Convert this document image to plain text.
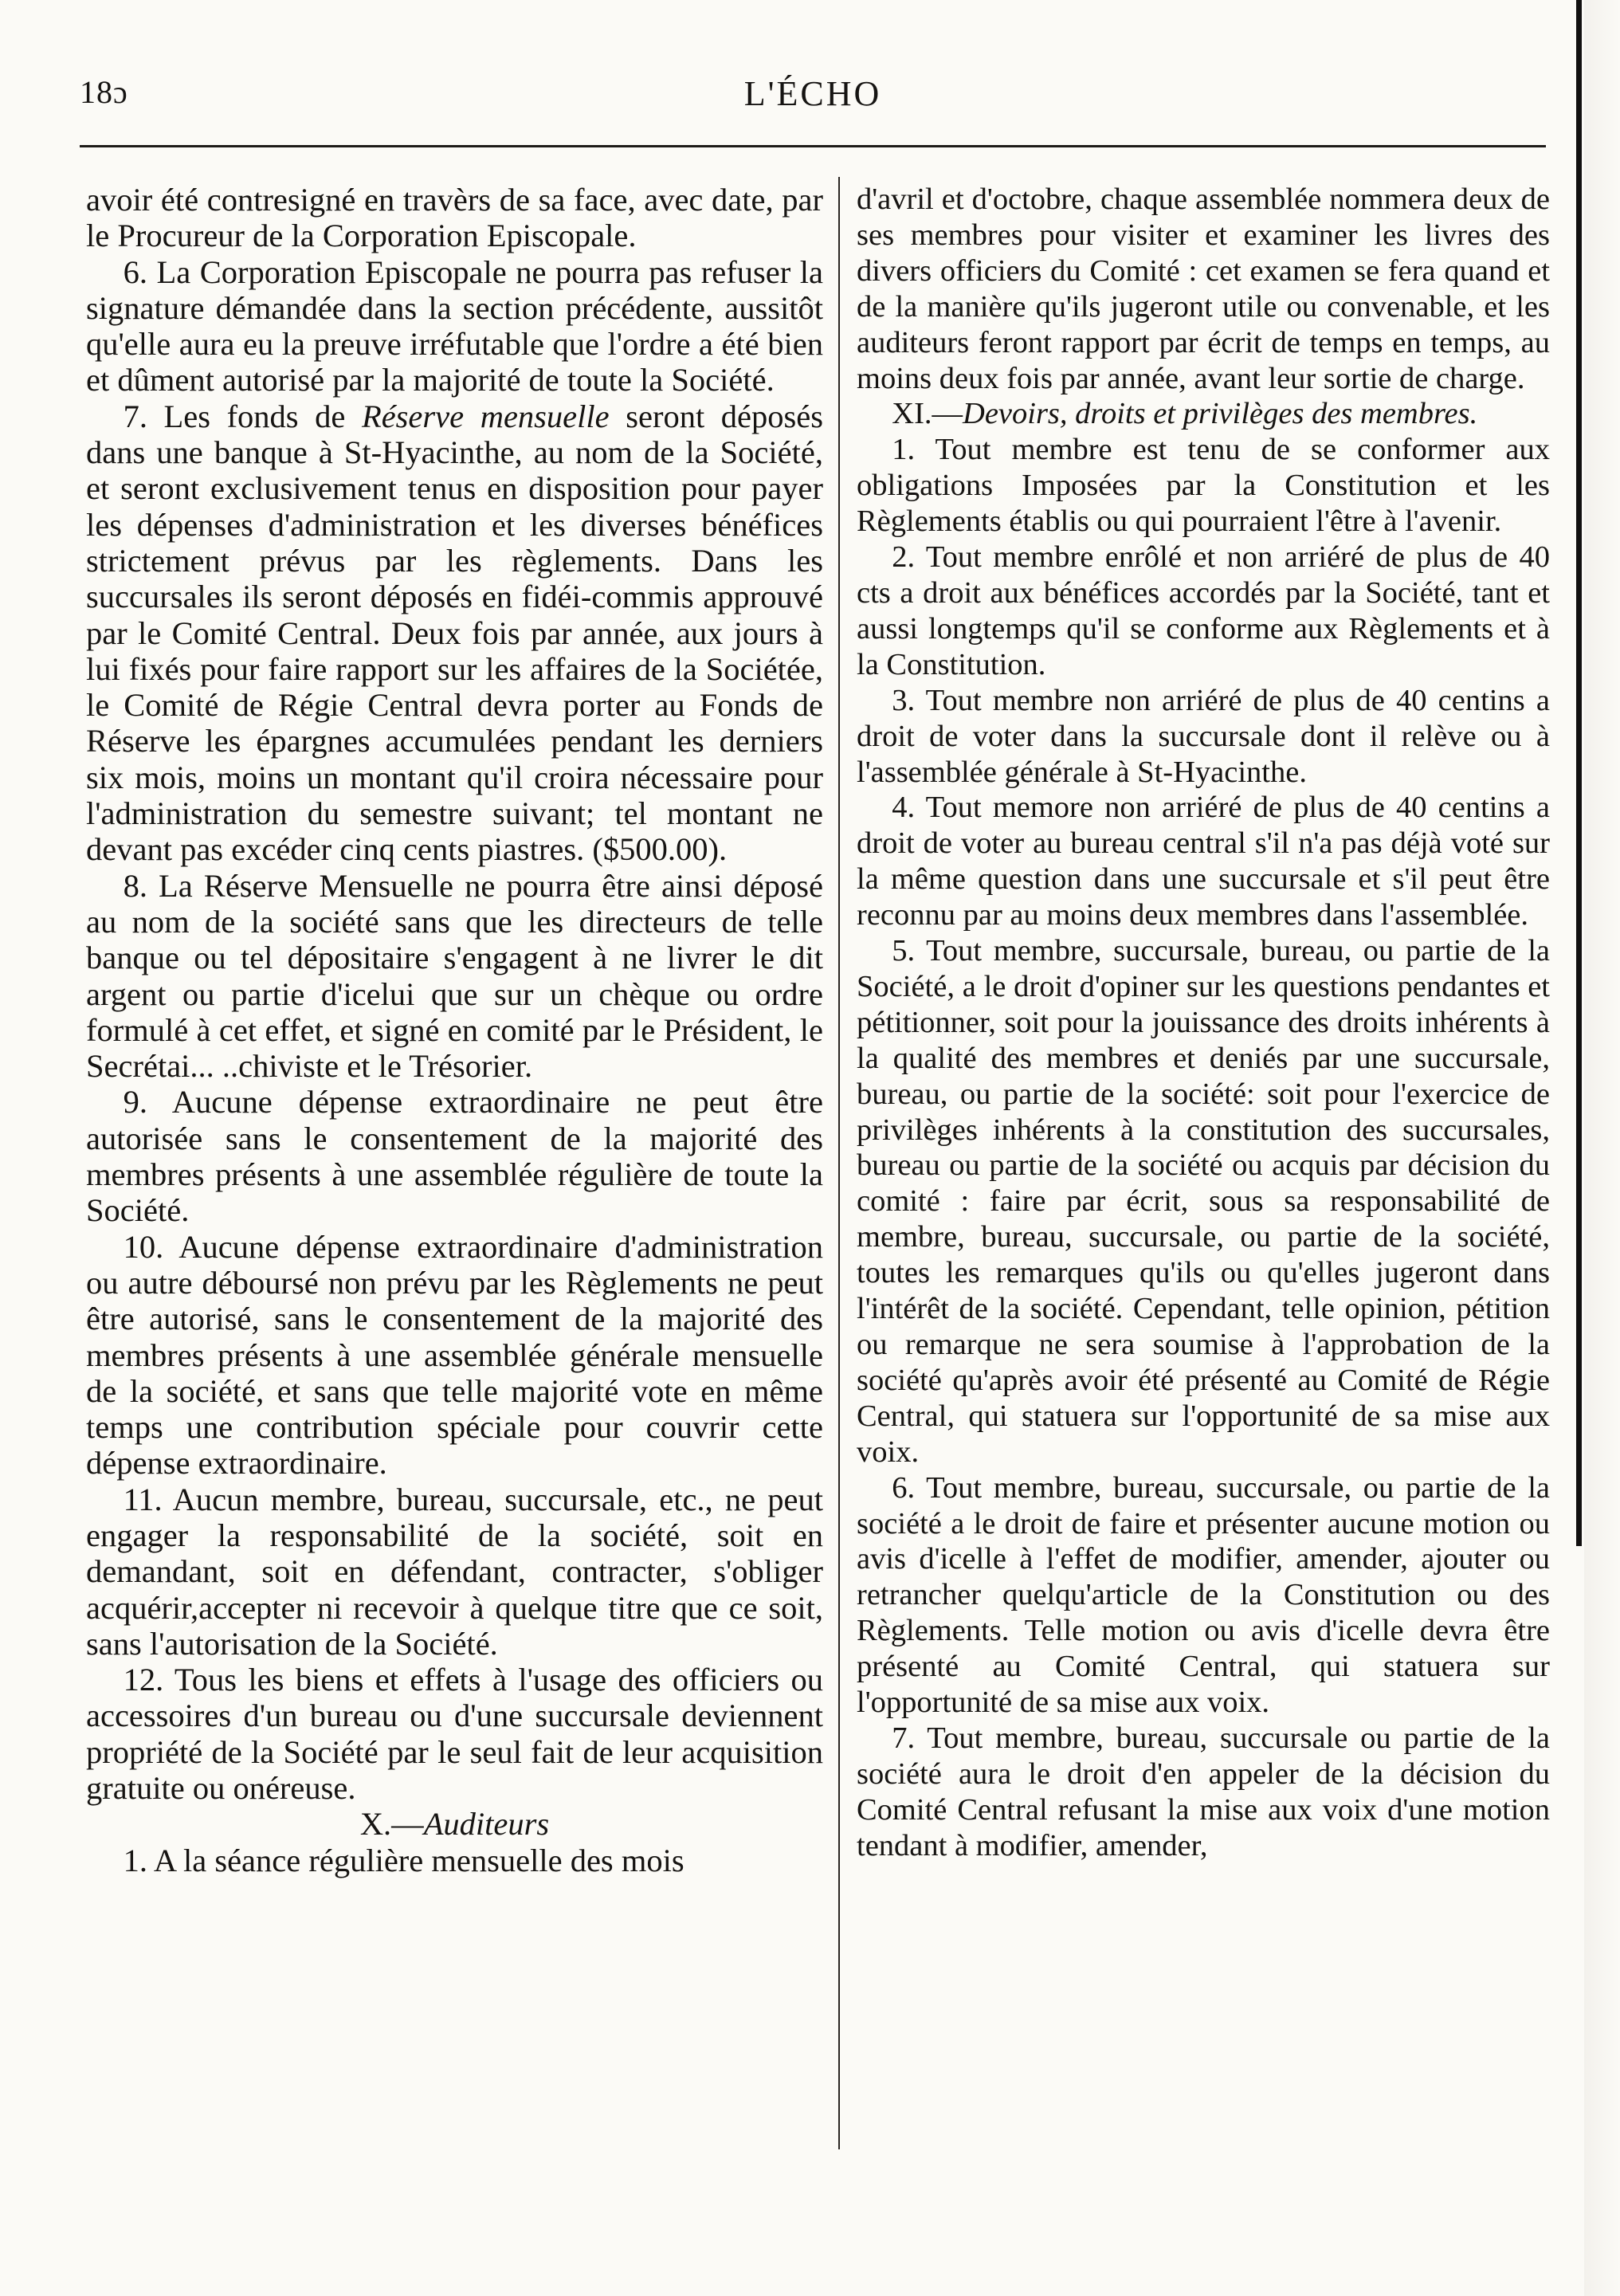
18ɔ	L'ÉCHO

avoir été contresigné en travèrs de sa face, avec date, par le Procureur de la Corporation Episcopale.

6. La Corporation Episcopale ne pourra pas refuser la signature démandée dans la section précédente, aussitôt qu'elle aura eu la preuve irréfutable que l'ordre a été bien et dûment autorisé par la majorité de toute la Société.

7. Les fonds de Réserve mensuelle seront déposés dans une banque à St-Hyacinthe, au nom de la Société, et seront exclusivement tenus en disposition pour payer les dépenses d'administration et les diverses bénéfices strictement prévus par les règlements. Dans les succursales ils seront déposés en fidéi-commis approuvé par le Comité Central. Deux fois par année, aux jours à lui fixés pour faire rapport sur les affaires de la Sociétée, le Comité de Régie Central devra porter au Fonds de Réserve les épargnes accumulées pendant les derniers six mois, moins un montant qu'il croira nécessaire pour l'administration du semestre suivant; tel montant ne devant pas excéder cinq cents piastres. ($500.00).

8. La Réserve Mensuelle ne pourra être ainsi déposé au nom de la société sans que les directeurs de telle banque ou tel dépositaire s'engagent à ne livrer le dit argent ou partie d'icelui que sur un chèque ou ordre formulé à cet effet, et signé en comité par le Président, le Secrétai... ..chiviste et le Trésorier.

9. Aucune dépense extraordinaire ne peut être autorisée sans le consentement de la majorité des membres présents à une assemblée régulière de toute la Société.

10. Aucune dépense extraordinaire d'administration ou autre déboursé non prévu par les Règlements ne peut être autorisé, sans le consentement de la majorité des membres présents à une assemblée générale mensuelle de la société, et sans que telle majorité vote en même temps une contribution spéciale pour couvrir cette dépense extraordinaire.

11. Aucun membre, bureau, succursale, etc., ne peut engager la responsabilité de la société, soit en demandant, soit en défendant, contracter, s'obliger acquérir,accepter ni recevoir à quelque titre que ce soit, sans l'autorisation de la Société.

12. Tous les biens et effets à l'usage des officiers ou accessoires d'un bureau ou d'une succursale deviennent propriété de la Société par le seul fait de leur acquisition gratuite ou onéreuse.

X.—Auditeurs

1. A la séance régulière mensuelle des mois

d'avril et d'octobre, chaque assemblée nommera deux de ses membres pour visiter et examiner les livres des divers officiers du Comité : cet examen se fera quand et de la manière qu'ils jugeront utile ou convenable, et les auditeurs feront rapport par écrit de temps en temps, au moins deux fois par année, avant leur sortie de charge.

XI.—Devoirs, droits et privilèges des membres.

1. Tout membre est tenu de se conformer aux obligations Imposées par la Constitution et les Règlements établis ou qui pourraient l'être à l'avenir.

2. Tout membre enrôlé et non arriéré de plus de 40 cts a droit aux bénéfices accordés par la Société, tant et aussi longtemps qu'il se conforme aux Règlements et à la Constitution.

3. Tout membre non arriéré de plus de 40 centins a droit de voter dans la succursale dont il relève ou à l'assemblée générale à St-Hyacinthe.

4. Tout memore non arriéré de plus de 40 centins a droit de voter au bureau central s'il n'a pas déjà voté sur la même question dans une succursale et s'il peut être reconnu par au moins deux membres dans l'assemblée.

5. Tout membre, succursale, bureau, ou partie de la Société, a le droit d'opiner sur les questions pendantes et pétitionner, soit pour la jouissance des droits inhérents à la qualité des membres et deniés par une succursale, bureau, ou partie de la société: soit pour l'exercice de privilèges inhérents à la constitution des succursales, bureau ou partie de la société ou acquis par décision du comité : faire par écrit, sous sa responsabilité de membre, bureau, succursale, ou partie de la société, toutes les remarques qu'ils ou qu'elles jugeront dans l'intérêt de la société. Cependant, telle opinion, pétition ou remarque ne sera soumise à l'approbation de la société qu'après avoir été présenté au Comité de Régie Central, qui statuera sur l'opportunité de sa mise aux voix.

6. Tout membre, bureau, succursale, ou partie de la société a le droit de faire et présenter aucune motion ou avis d'icelle à l'effet de modifier, amender, ajouter ou retrancher quelqu'article de la Constitution ou des Règlements. Telle motion ou avis d'icelle devra être présenté au Comité Central, qui statuera sur l'opportunité de sa mise aux voix.

7. Tout membre, bureau, succursale ou partie de la société aura le droit d'en appeler de la décision du Comité Central refusant la mise aux voix d'une motion tendant à modifier, amender,
